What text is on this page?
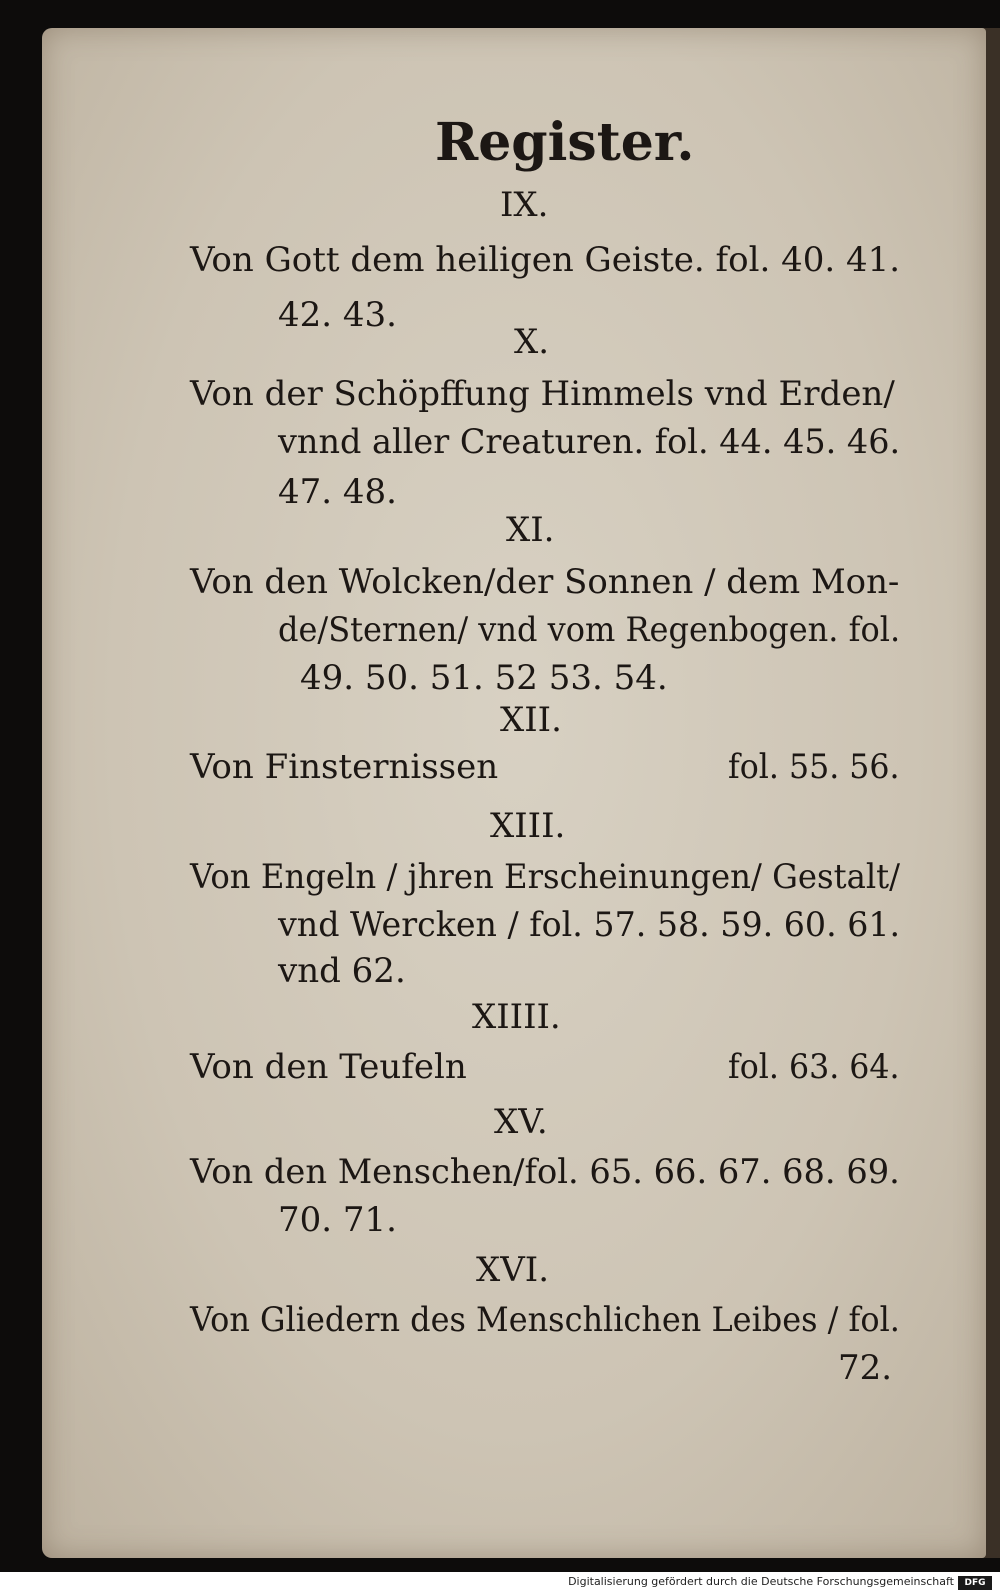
Register.
IX.
Von Gott dem heiligen Geiste. fol. 40. 41.
42. 43.
X.
Von der Schöpffung Himmels vnd Erden/
vnnd aller Creaturen. fol. 44. 45. 46.
47. 48.
XI.
Von den Wolcken/der Sonnen / dem Mon-
de/Sternen/ vnd vom Regenbogen. fol.
49. 50. 51. 52 53. 54.
XII.
Von Finsternissen	fol. 55. 56.
XIII.
Von Engeln / jhren Erscheinungen/ Gestalt/
vnd Wercken / fol. 57. 58. 59. 60. 61.
vnd 62.
XIIII.
Von den Teufeln	fol. 63. 64.
XV.
Von den Menschen/fol. 65. 66. 67. 68. 69.
70. 71.
XVI.
Von Gliedern des Menschlichen Leibes / fol.
72.
Digitalisierung gefördert durch die Deutsche Forschungsgemeinschaft	DFG
